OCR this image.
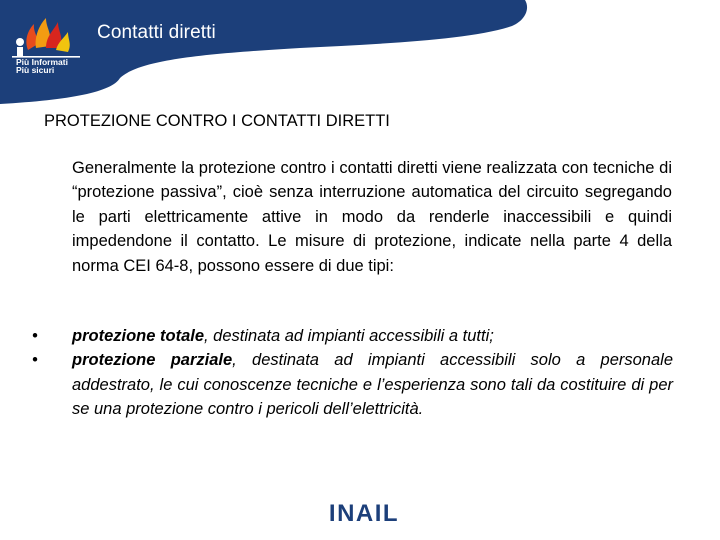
Più Informati
Più sicuri
Contatti diretti
PROTEZIONE CONTRO I CONTATTI DIRETTI

Generalmente la protezione contro i contatti diretti viene realizzata con tecniche di “protezione passiva”, cioè senza interruzione automatica del circuito segregando le parti elettricamente attive in modo da renderle inaccessibili e quindi impedendone il contatto. Le misure di protezione, indicate nella parte 4 della norma CEI 64-8, possono essere di due tipi:

• protezione totale, destinata ad impianti accessibili a tutti;
• protezione parziale, destinata ad impianti accessibili solo a personale addestrato, le cui conoscenze tecniche e l’esperienza sono tali da costituire di per se una protezione contro i pericoli dell’elettricità.
INAIL
